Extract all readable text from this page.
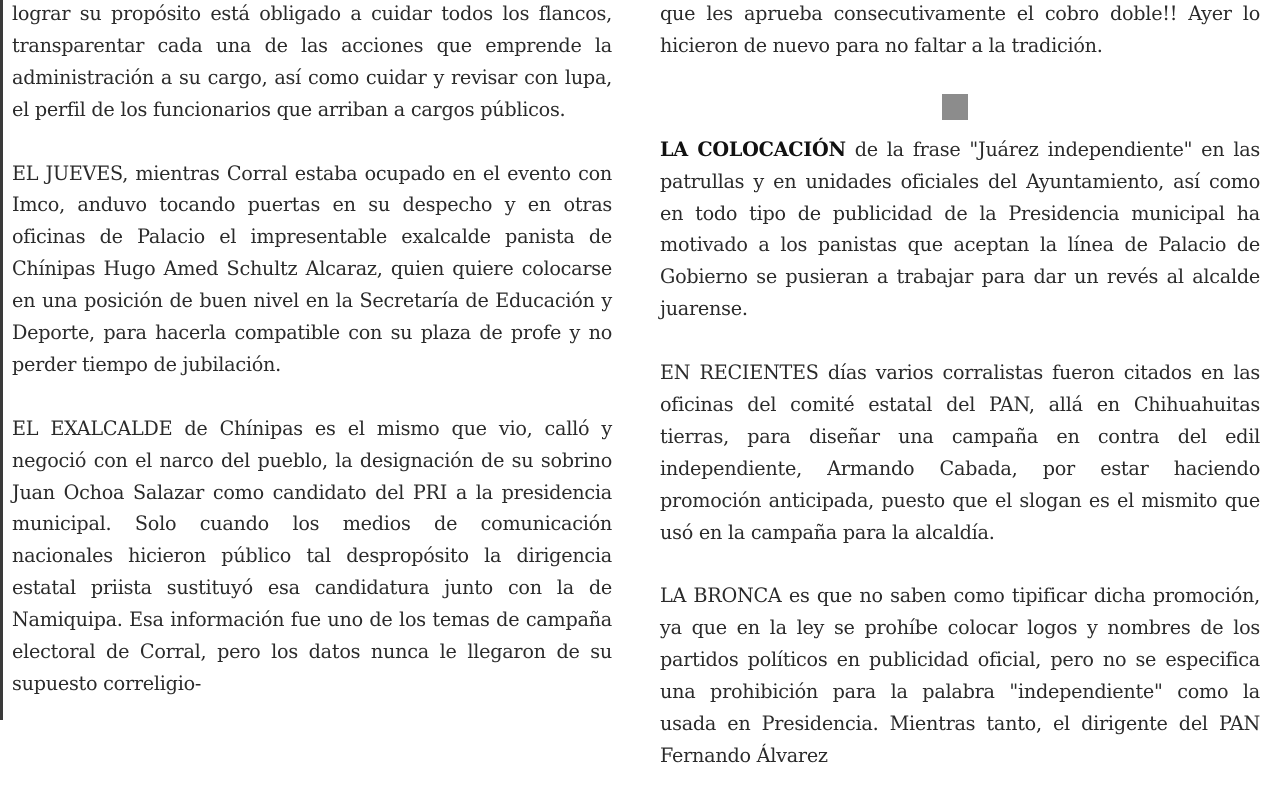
lograr su propósito está obligado a cuidar todos los flancos, transparentar cada una de las acciones que emprende la administración a su cargo, así como cuidar y revisar con lupa, el perfil de los funcionarios que arriban a cargos públicos.

EL JUEVES, mientras Corral estaba ocupado en el evento con Imco, anduvo tocando puertas en su despecho y en otras oficinas de Palacio el impresentable exalcalde panista de Chínipas Hugo Amed Schultz Alcaraz, quien quiere colocarse en una posición de buen nivel en la Secretaría de Educación y Deporte, para hacerla compatible con su plaza de profe y no perder tiempo de jubilación.

EL EXALCALDE de Chínipas es el mismo que vio, calló y negoció con el narco del pueblo, la designación de su sobrino Juan Ochoa Salazar como candidato del PRI a la presidencia municipal. Solo cuando los medios de comunicación nacionales hicieron público tal despropósito la dirigencia estatal priista sustituyó esa candidatura junto con la de Namiquipa. Esa información fue uno de los temas de campaña electoral de Corral, pero los datos nunca le llegaron de su supuesto correligio-

que les aprueba consecutivamente el cobro doble!! Ayer lo hicieron de nuevo para no faltar a la tradición.

LA COLOCACIÓN de la frase "Juárez independiente" en las patrullas y en unidades oficiales del Ayuntamiento, así como en todo tipo de publicidad de la Presidencia municipal ha motivado a los panistas que aceptan la línea de Palacio de Gobierno se pusieran a trabajar para dar un revés al alcalde juarense.

EN RECIENTES días varios corralistas fueron citados en las oficinas del comité estatal del PAN, allá en Chihuahuitas tierras, para diseñar una campaña en contra del edil independiente, Armando Cabada, por estar haciendo promoción anticipada, puesto que el slogan es el mismito que usó en la campaña para la alcaldía.

LA BRONCA es que no saben como tipificar dicha promoción, ya que en la ley se prohíbe colocar logos y nombres de los partidos políticos en publicidad oficial, pero no se especifica una prohibición para la palabra "independiente" como la usada en Presidencia. Mientras tanto, el dirigente del PAN Fernando Álvarez
